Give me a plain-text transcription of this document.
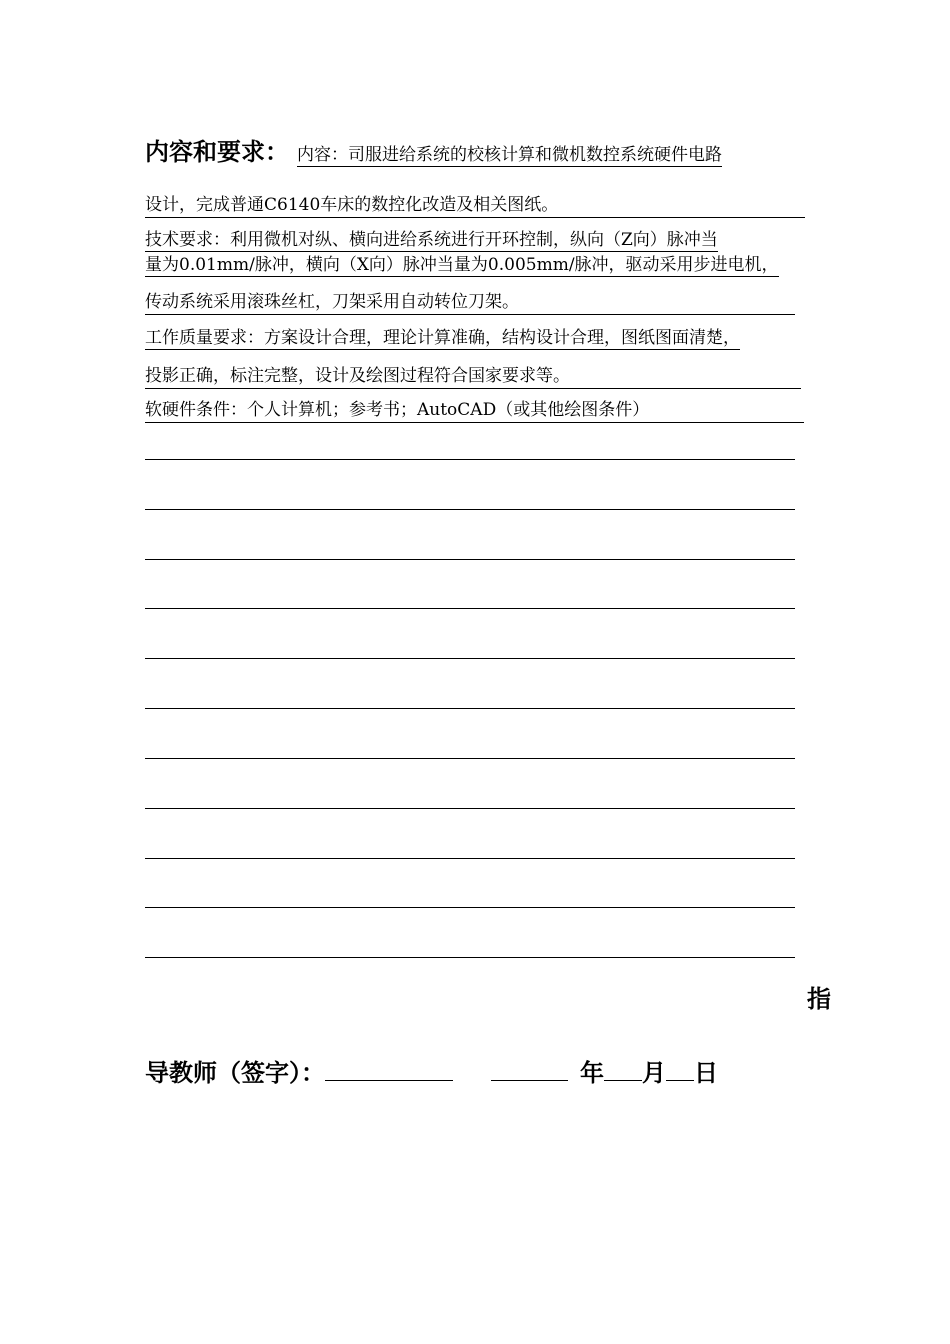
内容和要求： 内容：司服进给系统的校核计算和微机数控系统硬件电路
设计，完成普通C6140车床的数控化改造及相关图纸。
技术要求：利用微机对纵、横向进给系统进行开环控制，纵向（Z向）脉冲当
量为0.01mm/脉冲，横向（X向）脉冲当量为0.005mm/脉冲，驱动采用步进电机，
传动系统采用滚珠丝杠，刀架采用自动转位刀架。
工作质量要求：方案设计合理，理论计算准确，结构设计合理，图纸图面清楚，
投影正确，标注完整，设计及绘图过程符合国家要求等。
软硬件条件：个人计算机；参考书；AutoCAD（或其他绘图条件）
指
导教师（签字）：	年 月 日
